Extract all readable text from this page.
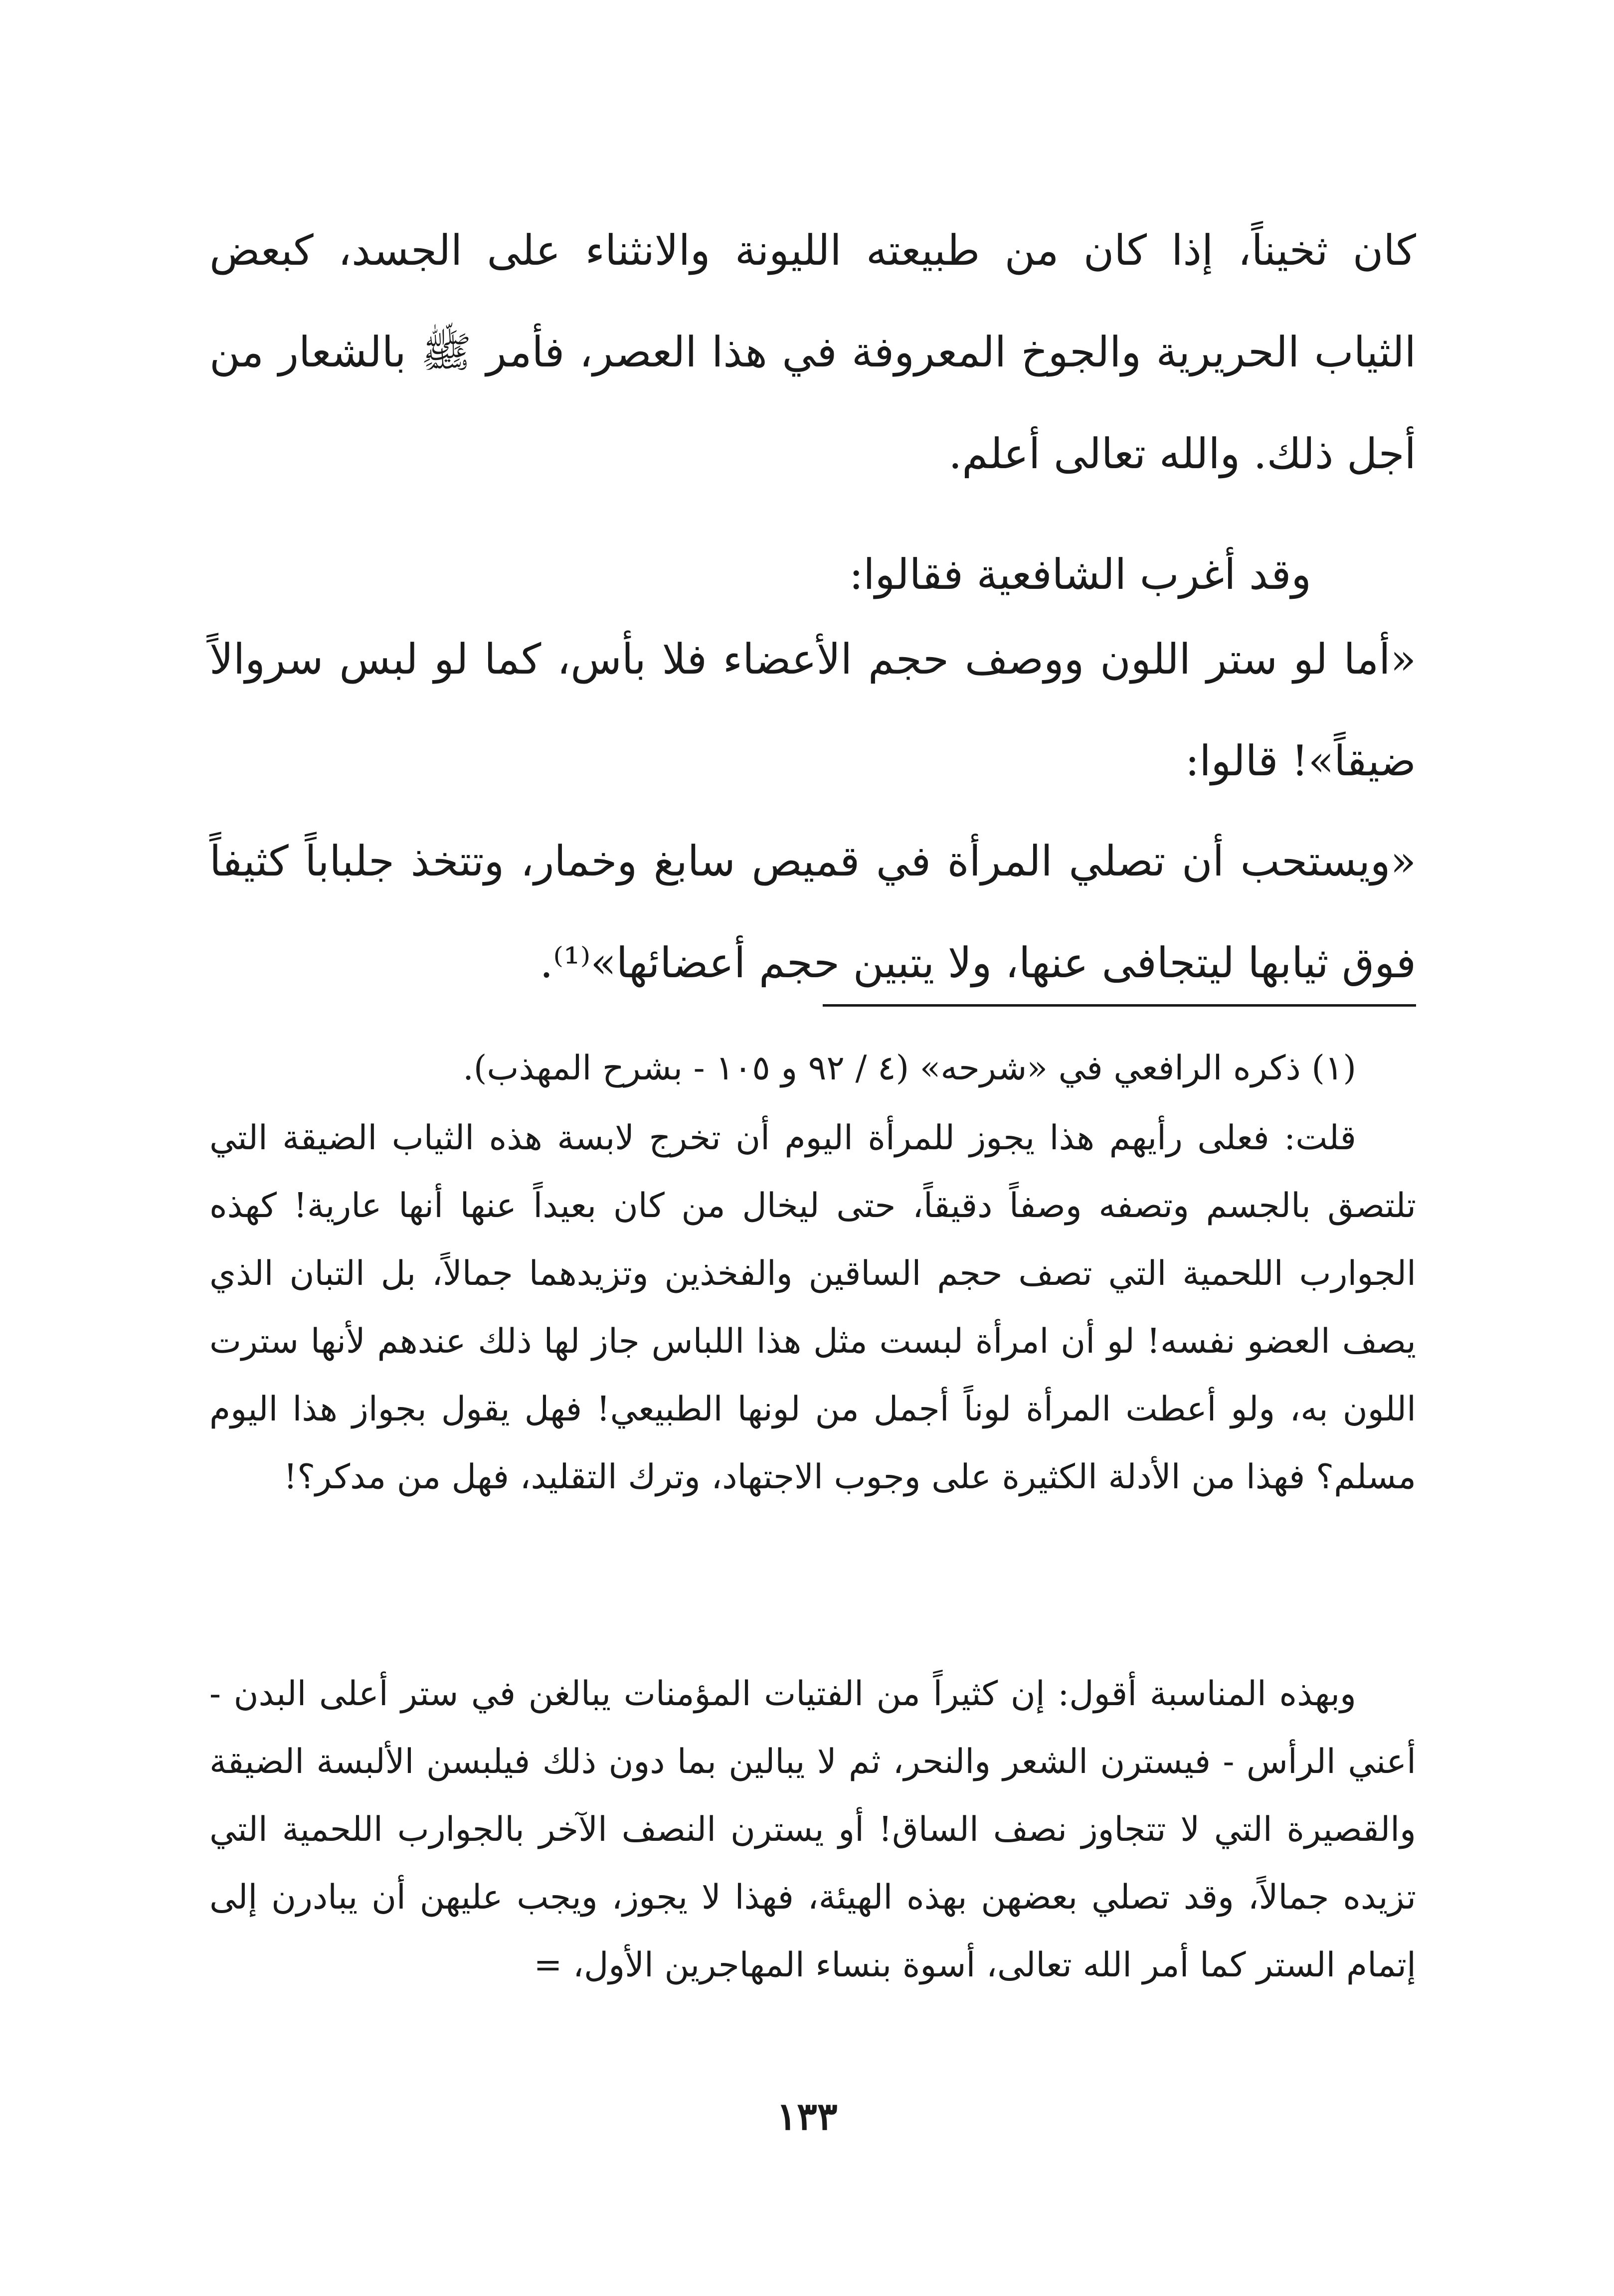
كان ثخيناً، إذا كان من طبيعته الليونة والانثناء على الجسد، كبعض الثياب الحريرية والجوخ المعروفة في هذا العصر، فأمر ﷺ بالشعار من أجل ذلك. والله تعالى أعلم.

وقد أغرب الشافعية فقالوا:

«أما لو ستر اللون ووصف حجم الأعضاء فلا بأس، كما لو لبس سروالاً ضيقاً»! قالوا:

«ويستحب أن تصلي المرأة في قميص سابغ وخمار، وتتخذ جلباباً كثيفاً فوق ثيابها ليتجافى عنها، ولا يتبين حجم أعضائها»⁽¹⁾.

(١) ذكره الرافعي في «شرحه» (٤ / ٩٢ و ١٠٥ - بشرح المهذب).

قلت: فعلى رأيهم هذا يجوز للمرأة اليوم أن تخرج لابسة هذه الثياب الضيقة التي تلتصق بالجسم وتصفه وصفاً دقيقاً، حتى ليخال من كان بعيداً عنها أنها عارية! كهذه الجوارب اللحمية التي تصف حجم الساقين والفخذين وتزيدهما جمالاً، بل التبان الذي يصف العضو نفسه! لو أن امرأة لبست مثل هذا اللباس جاز لها ذلك عندهم لأنها سترت اللون به، ولو أعطت المرأة لوناً أجمل من لونها الطبيعي! فهل يقول بجواز هذا اليوم مسلم؟ فهذا من الأدلة الكثيرة على وجوب الاجتهاد، وترك التقليد، فهل من مدكر؟!

وبهذه المناسبة أقول: إن كثيراً من الفتيات المؤمنات يبالغن في ستر أعلى البدن - أعني الرأس - فيسترن الشعر والنحر، ثم لا يبالين بما دون ذلك فيلبسن الألبسة الضيقة والقصيرة التي لا تتجاوز نصف الساق! أو يسترن النصف الآخر بالجوارب اللحمية التي تزيده جمالاً، وقد تصلي بعضهن بهذه الهيئة، فهذا لا يجوز، ويجب عليهن أن يبادرن إلى إتمام الستر كما أمر الله تعالى، أسوة بنساء المهاجرين الأول، =

١٣٣
